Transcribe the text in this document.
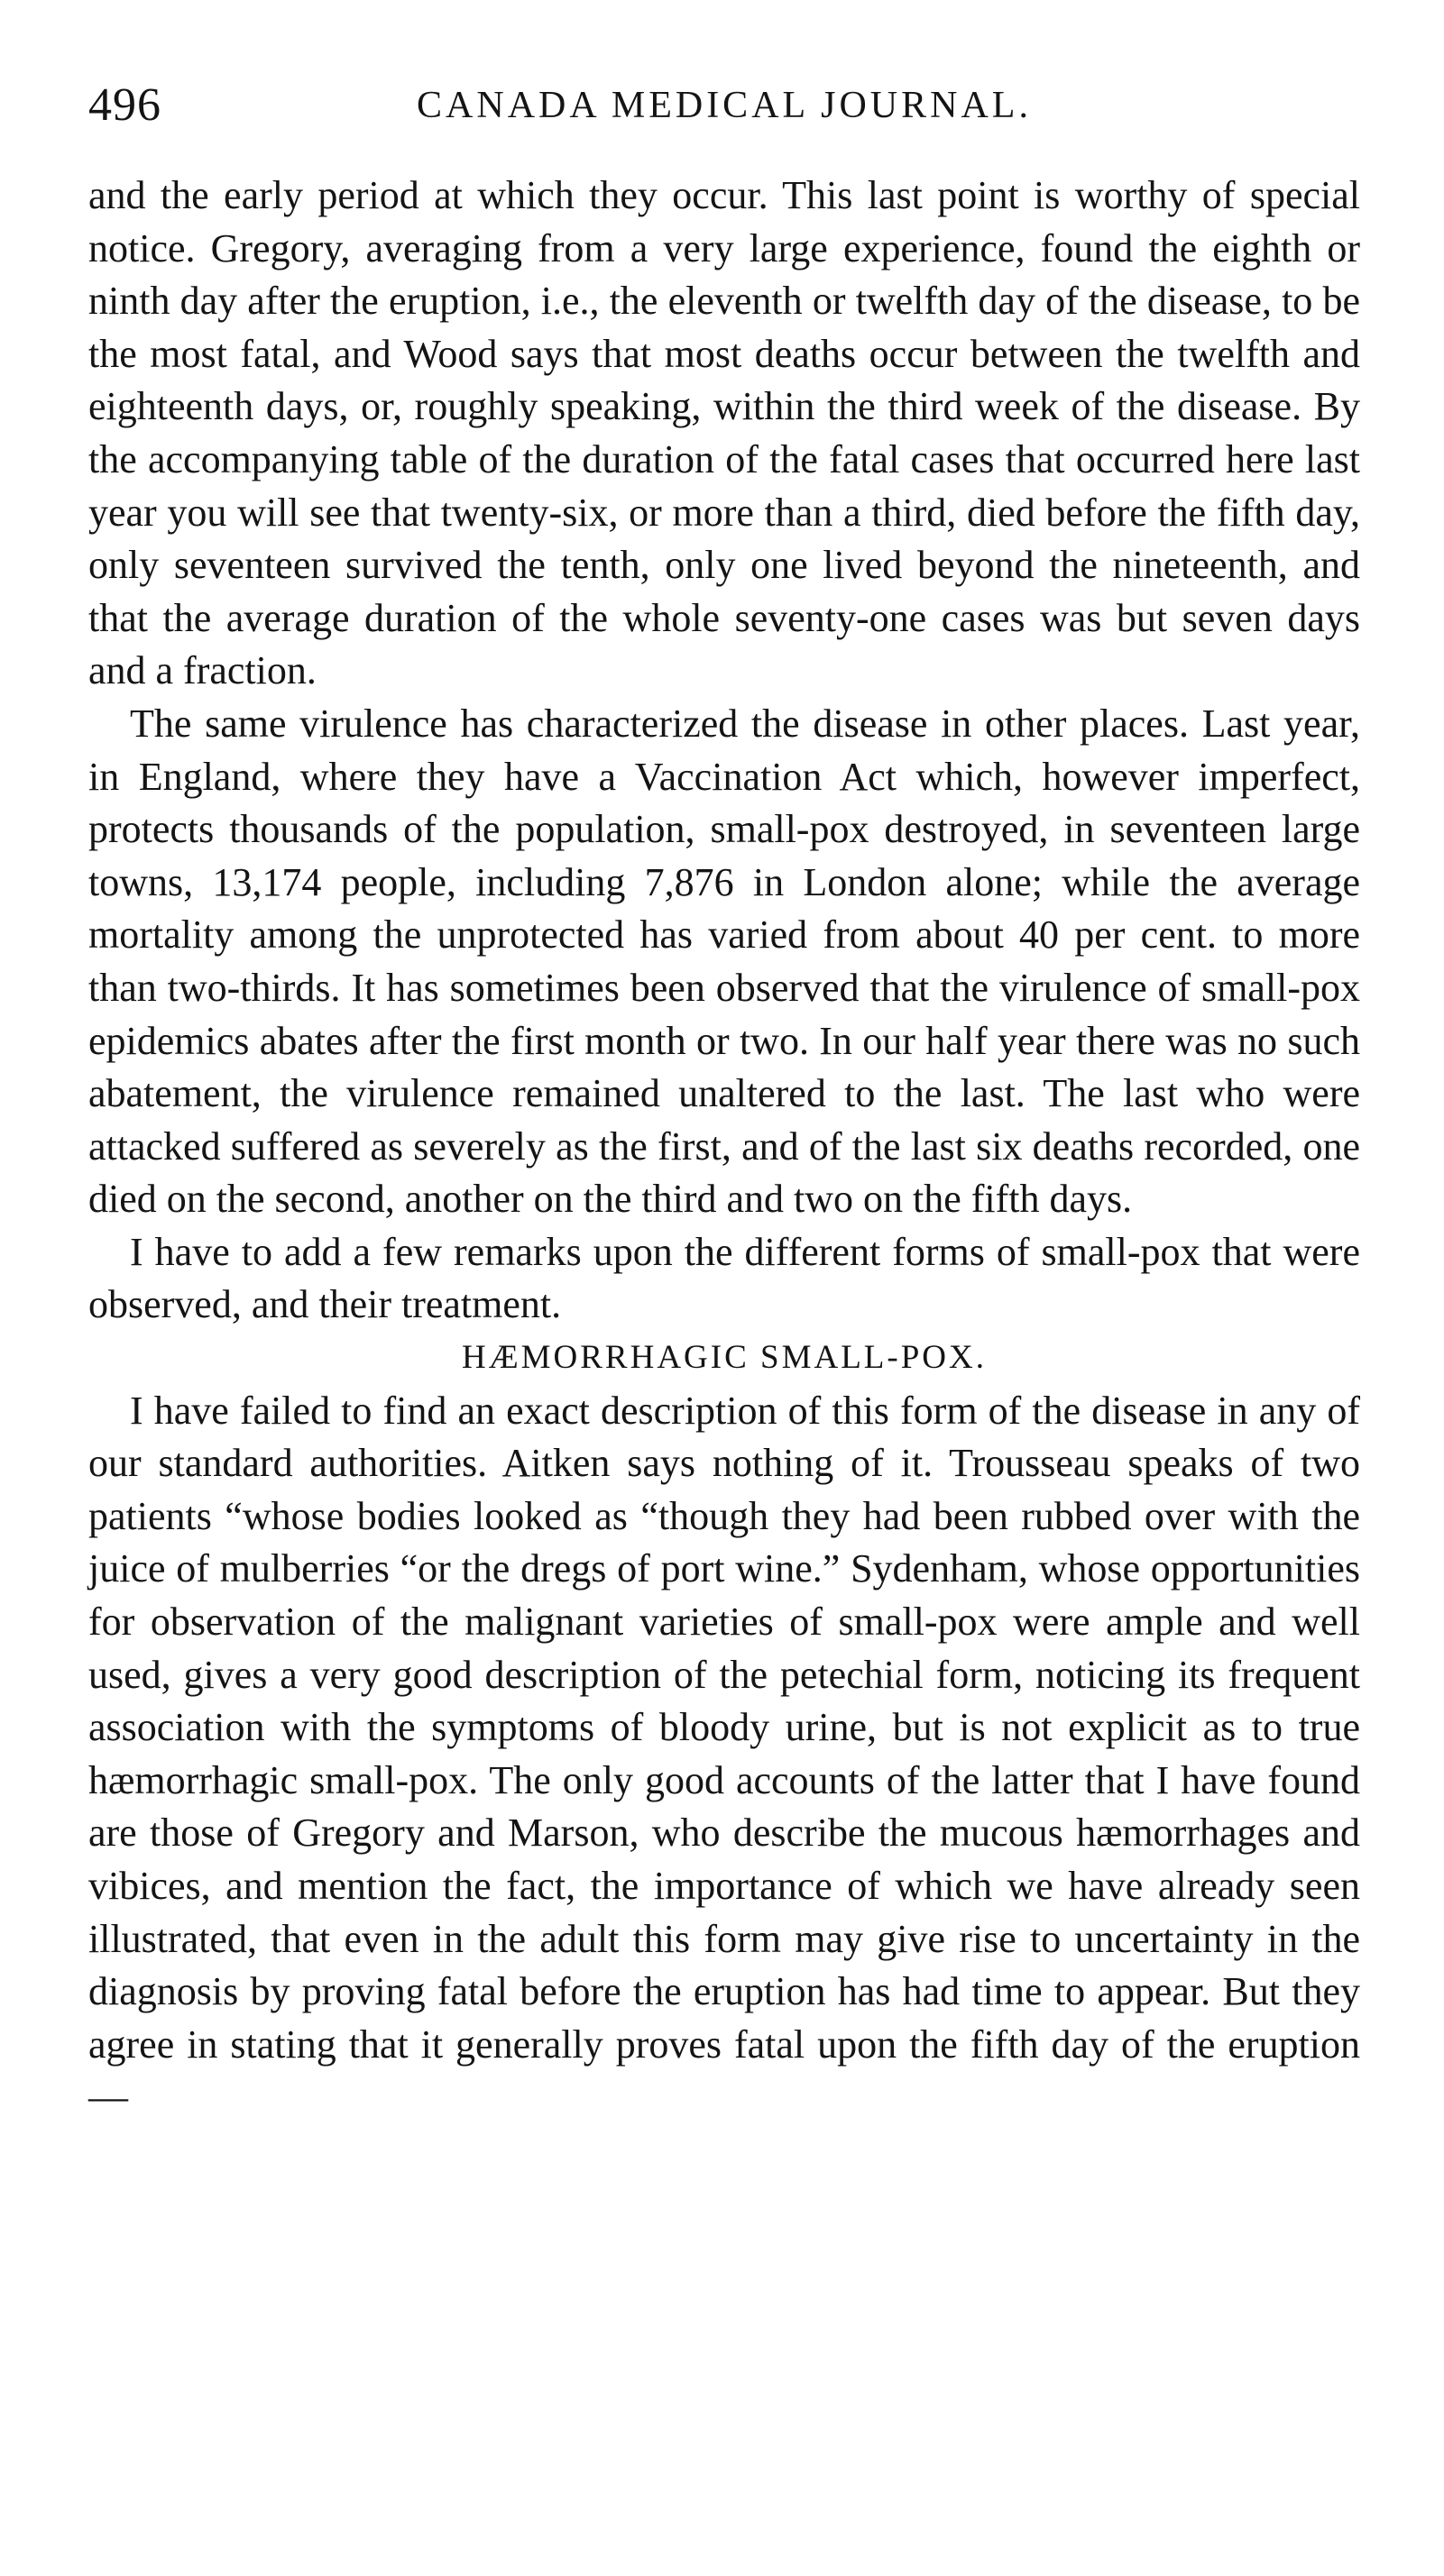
496	CANADA MEDICAL JOURNAL.

and the early period at which they occur. This last point is worthy of special notice. Gregory, averaging from a very large experience, found the eighth or ninth day after the eruption, i.e., the eleventh or twelfth day of the disease, to be the most fatal, and Wood says that most deaths occur between the twelfth and eighteenth days, or, roughly speaking, within the third week of the disease. By the accompanying table of the duration of the fatal cases that occurred here last year you will see that twenty-six, or more than a third, died before the fifth day, only seventeen survived the tenth, only one lived beyond the nineteenth, and that the average duration of the whole seventy-one cases was but seven days and a fraction.

The same virulence has characterized the disease in other places. Last year, in England, where they have a Vaccination Act which, however imperfect, protects thousands of the population, small-pox destroyed, in seventeen large towns, 13,174 people, including 7,876 in London alone; while the average mortality among the unprotected has varied from about 40 per cent. to more than two-thirds. It has sometimes been observed that the virulence of small-pox epidemics abates after the first month or two. In our half year there was no such abatement, the virulence remained unaltered to the last. The last who were attacked suffered as severely as the first, and of the last six deaths recorded, one died on the second, another on the third and two on the fifth days.

I have to add a few remarks upon the different forms of small-pox that were observed, and their treatment.

HÆMORRHAGIC SMALL-POX.

I have failed to find an exact description of this form of the disease in any of our standard authorities. Aitken says nothing of it. Trousseau speaks of two patients “whose bodies looked as “though they had been rubbed over with the juice of mulberries “or the dregs of port wine.” Sydenham, whose opportunities for observation of the malignant varieties of small-pox were ample and well used, gives a very good description of the petechial form, noticing its frequent association with the symptoms of bloody urine, but is not explicit as to true hæmorrhagic small-pox. The only good accounts of the latter that I have found are those of Gregory and Marson, who describe the mucous hæmorrhages and vibices, and mention the fact, the importance of which we have already seen illustrated, that even in the adult this form may give rise to uncertainty in the diagnosis by proving fatal before the eruption has had time to appear. But they agree in stating that it generally proves fatal upon the fifth day of the eruption—
